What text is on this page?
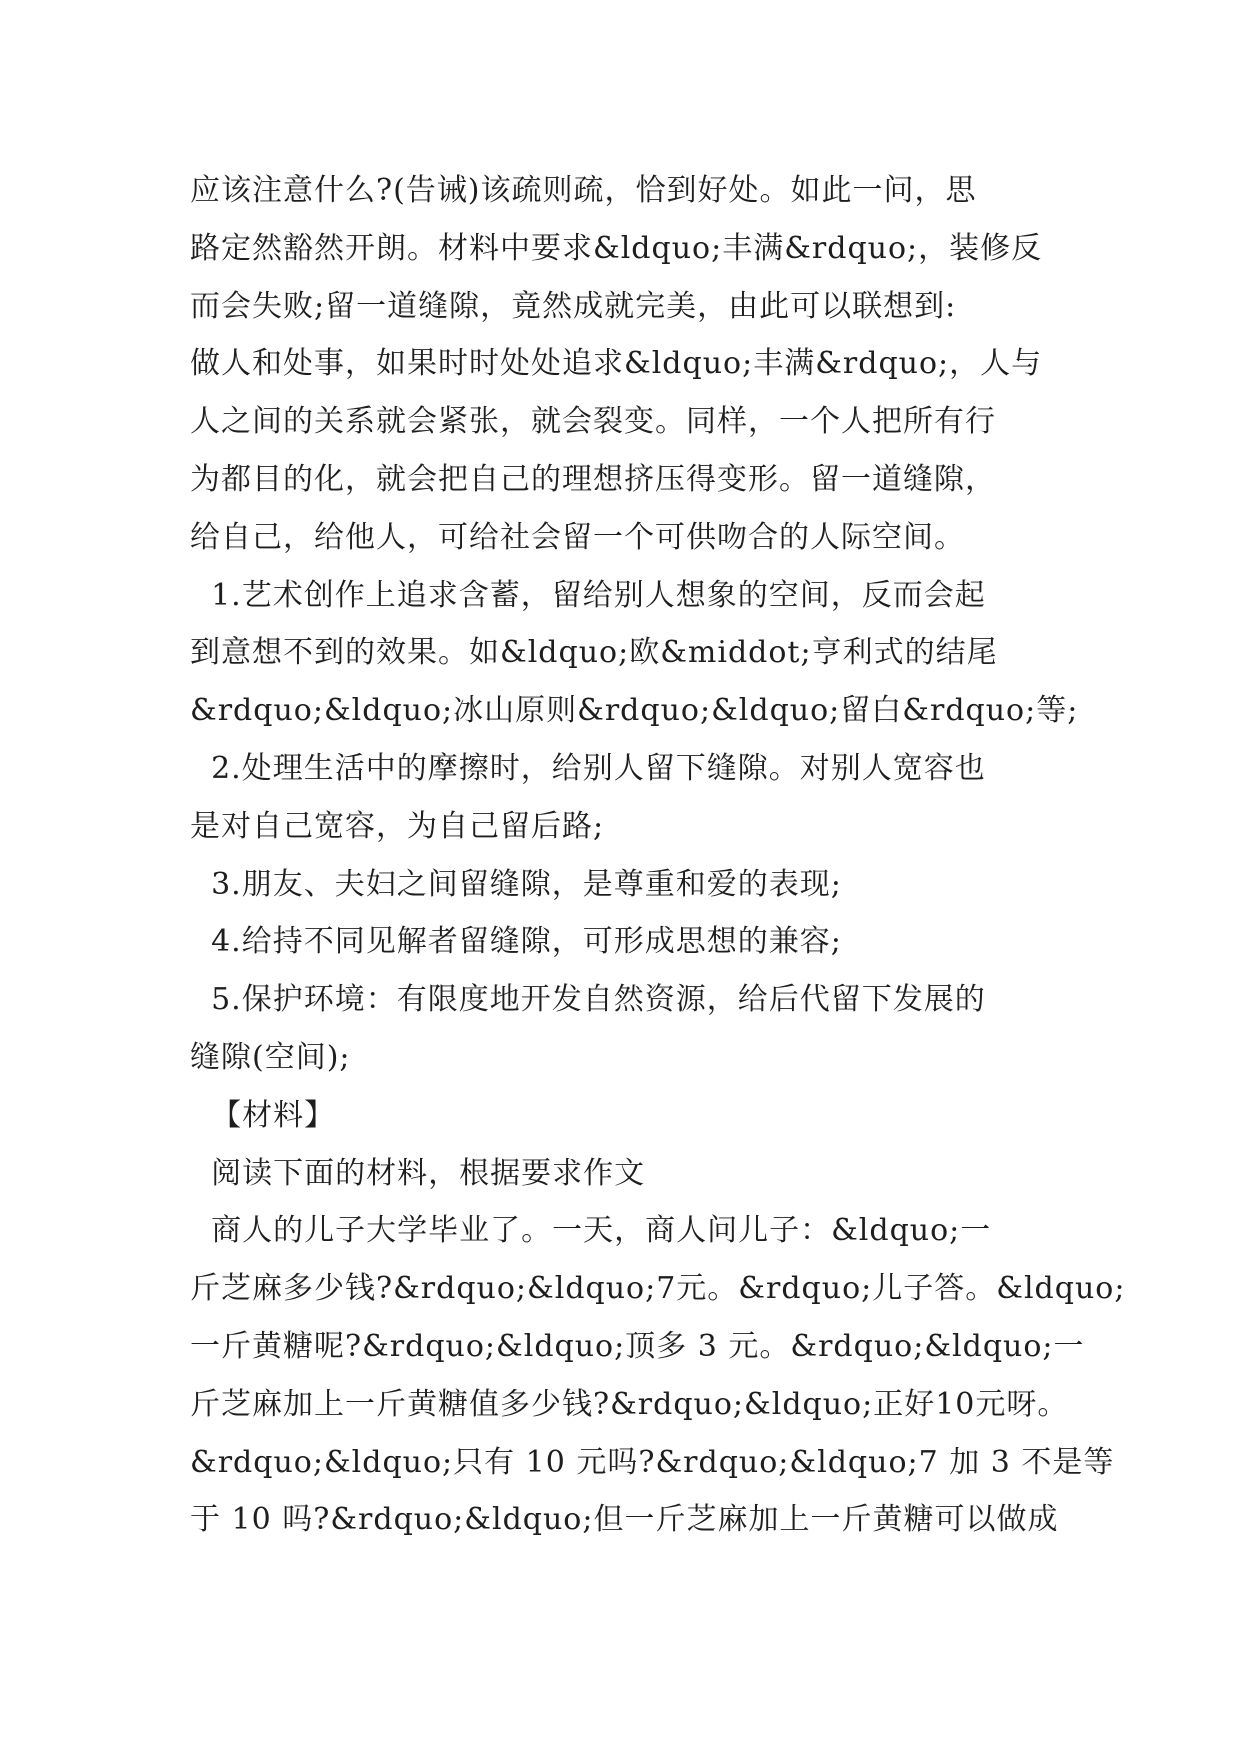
应该注意什么?(告诫)该疏则疏，恰到好处。如此一问，思
路定然豁然开朗。材料中要求&ldquo;丰满&rdquo;，装修反
而会失败;留一道缝隙，竟然成就完美，由此可以联想到:
做人和处事，如果时时处处追求&ldquo;丰满&rdquo;，人与
人之间的关系就会紧张，就会裂变。同样，一个人把所有行
为都目的化，就会把自己的理想挤压得变形。留一道缝隙，
给自己，给他人，可给社会留一个可供吻合的人际空间。
1.艺术创作上追求含蓄，留给别人想象的空间，反而会起
到意想不到的效果。如&ldquo;欧&middot;亨利式的结尾
&rdquo;&ldquo;冰山原则&rdquo;&ldquo;留白&rdquo;等;
2.处理生活中的摩擦时，给别人留下缝隙。对别人宽容也
是对自己宽容，为自己留后路;
3.朋友、夫妇之间留缝隙，是尊重和爱的表现;
4.给持不同见解者留缝隙，可形成思想的兼容;
5.保护环境：有限度地开发自然资源，给后代留下发展的
缝隙(空间);
【材料】
阅读下面的材料，根据要求作文
商人的儿子大学毕业了。一天，商人问儿子：&ldquo;一
斤芝麻多少钱?&rdquo;&ldquo;7元。&rdquo;儿子答。&ldquo;
一斤黄糖呢?&rdquo;&ldquo;顶多 3 元。&rdquo;&ldquo;一
斤芝麻加上一斤黄糖值多少钱?&rdquo;&ldquo;正好10元呀。
&rdquo;&ldquo;只有 10 元吗?&rdquo;&ldquo;7 加 3 不是等
于 10 吗?&rdquo;&ldquo;但一斤芝麻加上一斤黄糖可以做成
